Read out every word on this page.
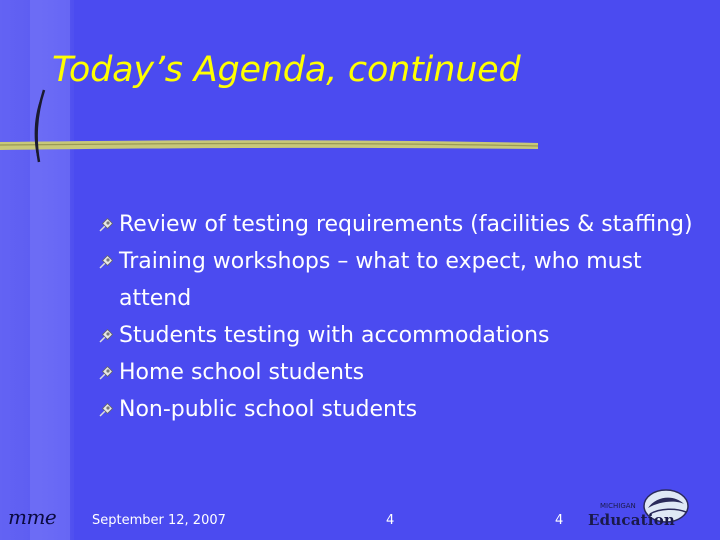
Today’s Agenda, continued
Review of testing requirements (facilities & staffing)
Training workshops – what to expect, who must attend
Students testing with accommodations
Home school students
Non-public school students
mme	September 12, 2007	4	4
MICHIGAN
Education
